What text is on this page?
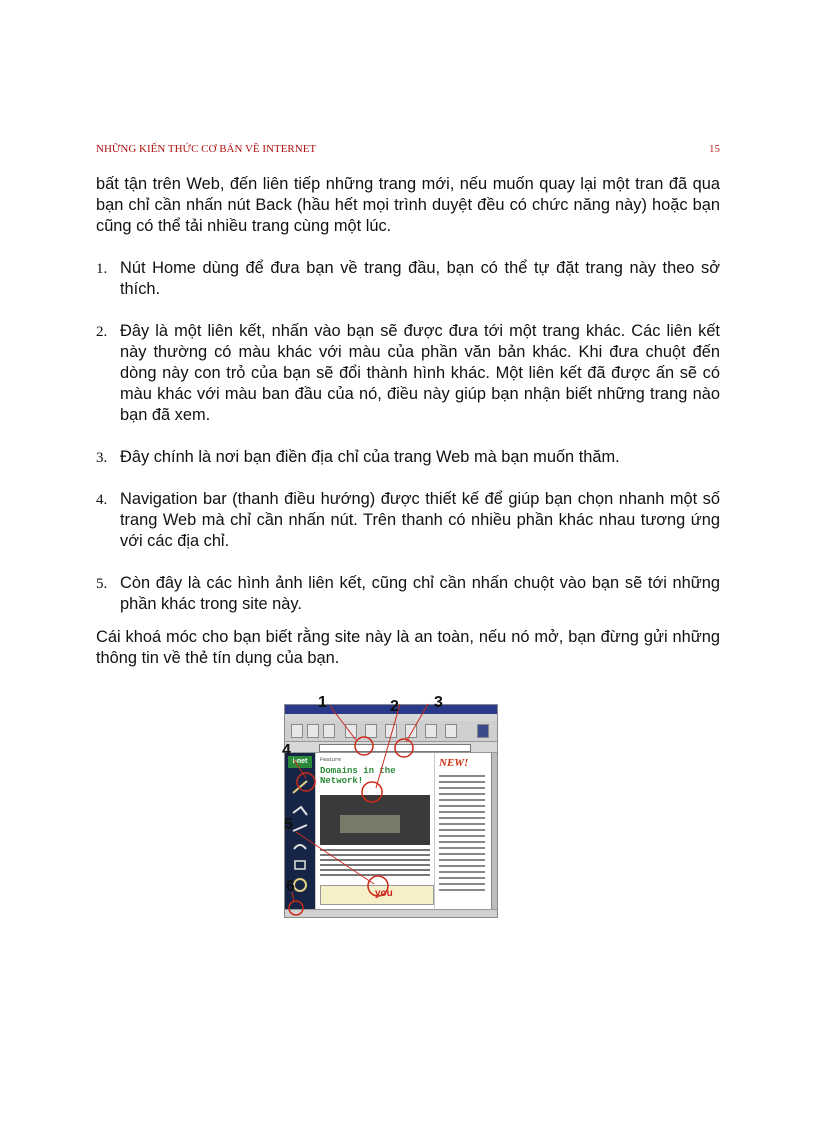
NHỮNG KIẾN THỨC CƠ BẢN VỀ INTERNET	15

bất tận trên Web, đến liên tiếp những trang mới, nếu muốn quay lại một tran đã qua bạn chỉ cần nhấn nút Back (hầu hết mọi trình duyệt đều có chức năng này) hoặc bạn cũng có thể tải nhiều trang cùng một lúc.

1. Nút Home dùng để đưa bạn về trang đầu, bạn có thể tự đặt trang này theo sở thích.
2. Đây là một liên kết, nhấn vào bạn sẽ được đưa tới một trang khác. Các liên kết này thường có màu khác với màu của phần văn bản khác. Khi đưa chuột đến dòng này con trỏ của bạn sẽ đổi thành hình khác. Một liên kết đã được ấn sẽ có màu khác với màu ban đầu của nó, điều này giúp bạn nhận biết những trang nào bạn đã xem.
3. Đây chính là nơi bạn điền địa chỉ của trang Web mà bạn muốn thăm.
4. Navigation bar (thanh điều hướng) được thiết kế để giúp bạn chọn nhanh một số trang Web mà chỉ cần nhấn nút. Trên thanh có nhiều phần khác nhau tương ứng với các địa chỉ.
5. Còn đây là các hình ảnh liên kết, cũng chỉ cần nhấn chuột vào bạn sẽ tới những phần khác trong site này.

Cái khoá móc cho bạn biết rằng site này là an toàn, nếu nó mở, bạn đừng gửi những thông tin về thẻ tín dụng của bạn.

i-net	Feature
Domains in the Network!
you
NEW!
1	2 3
4
5
6
